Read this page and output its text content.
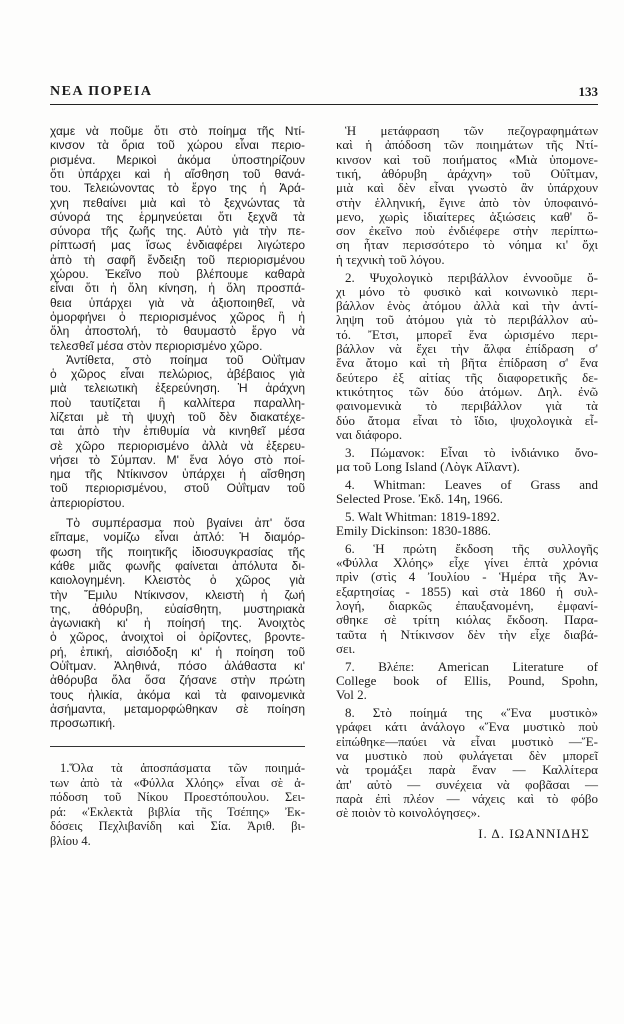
ΝΕΑ ΠΟΡΕΙΑ	133
χαμε νὰ ποῦμε ὅτι στὸ ποίημα τῆς Ντί-
κινσον τὰ ὅρια τοῦ χώρου εἶναι περιο-
ρισμένα. Μερικοὶ ἀκόμα ὑποστηρίζουν
ὅτι ὑπάρχει καὶ ἡ αἴσθηση τοῦ θανά-
του. Τελειώνοντας τὸ ἔργο της ἡ Ἀρά-
χνη πεθαίνει μιὰ καὶ τὸ ξεχνώντας τὰ
σύνορά της ἑρμηνεύεται ὅτι ξεχνᾶ τὰ
σύνορα τῆς ζωῆς της. Αὐτὸ γιὰ τὴν πε-
ρίπτωσή μας ἴσως ἐνδιαφέρει λιγώτερο
ἀπὸ τὴ σαφῆ ἔνδειξη τοῦ περιορισμένου
χώρου. Ἐκεῖνο ποὺ βλέπουμε καθαρὰ
εἶναι ὅτι ἡ ὅλη κίνηση, ἡ ὅλη προσπά-
θεια ὑπάρχει γιὰ νὰ ἀξιοποιηθεῖ, νὰ
ὀμορφήνει ὁ περιορισμένος χῶρος ἢ ἡ
ὅλη ἀποστολή, τὸ θαυμαστὸ ἔργο νὰ
τελεσθεῖ μέσα στὸν περιορισμένο χῶρο.
Ἀντίθετα, στὸ ποίημα τοῦ Οὐΐτμαν
ὁ χῶρος εἶναι πελώριος, ἀβέβαιος γιὰ
μιὰ τελειωτικὴ ἐξερεύνηση. Ἡ ἀράχνη
ποὺ ταυτίζεται ἢ καλλίτερα παραλλη-
λίζεται μὲ τὴ ψυχὴ τοῦ δὲν διακατέχε-
ται ἀπὸ τὴν ἐπιθυμία νὰ κινηθεῖ μέσα
σὲ χῶρο περιορισμένο ἀλλὰ νὰ ἐξερευ-
νήσει τὸ Σύμπαν. Μ' ἕνα λόγο στὸ ποί-
ημα τῆς Ντίκινσον ὑπάρχει ἡ αἴσθηση
τοῦ περιορισμένου, στοῦ Οὐΐτμαν τοῦ
ἀπεριορίστου.
Τὸ συμπέρασμα ποὺ βγαίνει ἀπ' ὅσα
εἴπαμε, νομίζω εἶναι ἁπλό: Ἡ διαμόρ-
φωση τῆς ποιητικῆς ἰδιοσυγκρασίας τῆς
κάθε μιᾶς φωνῆς φαίνεται ἀπόλυτα δι-
καιολογημένη. Κλειστὸς ὁ χῶρος γιὰ
τὴν Ἔμιλυ Ντίκινσον, κλειστὴ ἡ ζωή
της, ἀθόρυβη, εὐαίσθητη, μυστηριακὰ
ἀγωνιακὴ κι' ἡ ποίησή της. Ἀνοιχτὸς
ὁ χῶρος, ἀνοιχτοὶ οἱ ὁρίζοντες, βροντε-
ρή, ἐπική, αἰσιόδοξη κι' ἡ ποίηση τοῦ
Οὐΐτμαν. Ἀληθινά, πόσο ἀλάθαστα κι'
ἀθόρυβα ὅλα ὅσα ζήσανε στὴν πρώτη
τους ἡλικία, ἀκόμα καὶ τὰ φαινομενικὰ
ἀσήμαντα, μεταμορφώθηκαν σὲ ποίηση
προσωπική.
1.Ὅλα τὰ ἀποσπάσματα τῶν ποιημά-
των ἀπὸ τὰ «Φύλλα Χλόης» εἶναι σὲ ἀ-
πόδοση τοῦ Νίκου Προεστόπουλου. Σει-
ρά: «Ἐκλεκτὰ βιβλία τῆς Τσέπης» Ἐκ-
δόσεις Πεχλιβανίδη καὶ Σία. Ἀριθ. βι-
βλίου 4.
Ἡ μετάφραση τῶν πεζογραφημάτων
καὶ ἡ ἀπόδοση τῶν ποιημάτων τῆς Ντί-
κινσον καὶ τοῦ ποιήματος «Μιὰ ὑπομονε-
τική, ἀθόρυβη ἀράχνη» τοῦ Οὐΐτμαν,
μιὰ καὶ δὲν εἶναι γνωστὸ ἂν ὑπάρχουν
στὴν ἑλληνική, ἔγινε ἀπὸ τὸν ὑποφαινό-
μενο, χωρὶς ἰδιαίτερες ἀξιώσεις καθ' ὅ-
σον ἐκεῖνο ποὺ ἐνδιέφερε στὴν περίπτω-
ση ἦταν περισσότερο τὸ νόημα κι' ὄχι
ἡ τεχνικὴ τοῦ λόγου.
2. Ψυχολογικὸ περιβάλλον ἐννοοῦμε ὄ-
χι μόνο τὸ φυσικὸ καὶ κοινωνικὸ περι-
βάλλον ἑνὸς ἀτόμου ἀλλὰ καὶ τὴν ἀντί-
ληψη τοῦ ἀτόμου γιὰ τὸ περιβάλλον αὐ-
τό. Ἔτσι, μπορεῖ ἕνα ὡρισμένο περι-
βάλλον νὰ ἔχει τὴν ἄλφα ἐπίδραση σ'
ἕνα ἄτομο καὶ τὴ βῆτα ἐπίδραση σ' ἕνα
δεύτερο ἐξ αἰτίας τῆς διαφορετικῆς δε-
κτικότητος τῶν δύο ἀτόμων. Δηλ. ἐνῶ
φαινομενικὰ τὸ περιβάλλον γιὰ τὰ
δύο ἄτομα εἶναι τὸ ἴδιο, ψυχολογικὰ εἶ-
ναι διάφορο.
3. Πώμανοκ: Εἶναι τὸ ἰνδιάνικο ὄνο-
μα τοῦ Long Island (Λὸγκ Αἴλαντ).
4. Whitman: Leaves of Grass and
Selected Prose. Ἐκδ. 14η, 1966.
5. Walt Whitman: 1819-1892.
Emily Dickinson: 1830-1886.
6. Ἡ πρώτη ἔκδοση τῆς συλλογῆς
«Φύλλα Χλόης» εἶχε γίνει ἑπτὰ χρόνια
πρὶν (στὶς 4 Ἰουλίου - Ἡμέρα τῆς Ἀν-
εξαρτησίας - 1855) καὶ στὰ 1860 ἡ συλ-
λογή, διαρκῶς ἐπαυξανομένη, ἐμφανί-
σθηκε σὲ τρίτη κιόλας ἔκδοση. Παρα-
ταῦτα ἡ Ντίκινσον δὲν τὴν εἶχε διαβά-
σει.
7. Βλέπε: American Literature of
College book of Ellis, Pound, Spohn,
Vol 2.
8. Στὸ ποίημά της «Ἕνα μυστικὸ»
γράφει κάτι ἀνάλογο «Ἕνα μυστικὸ ποὺ
εἰπώθηκε—παύει νὰ εἶναι μυστικὸ —Ἕ-
να μυστικὸ ποὺ φυλάγεται δὲν μπορεῖ
νὰ τρομάξει παρὰ ἕναν — Καλλίτερα
ἀπ' αὐτὸ — συνέχεια νὰ φοβᾶσαι —
παρὰ ἐπὶ πλέον — νάχεις καὶ τὸ φόβο
σὲ ποιὸν τὸ κοινολόγησες».
Ι. Δ. ΙΩΑΝΝΙΔΗΣ
